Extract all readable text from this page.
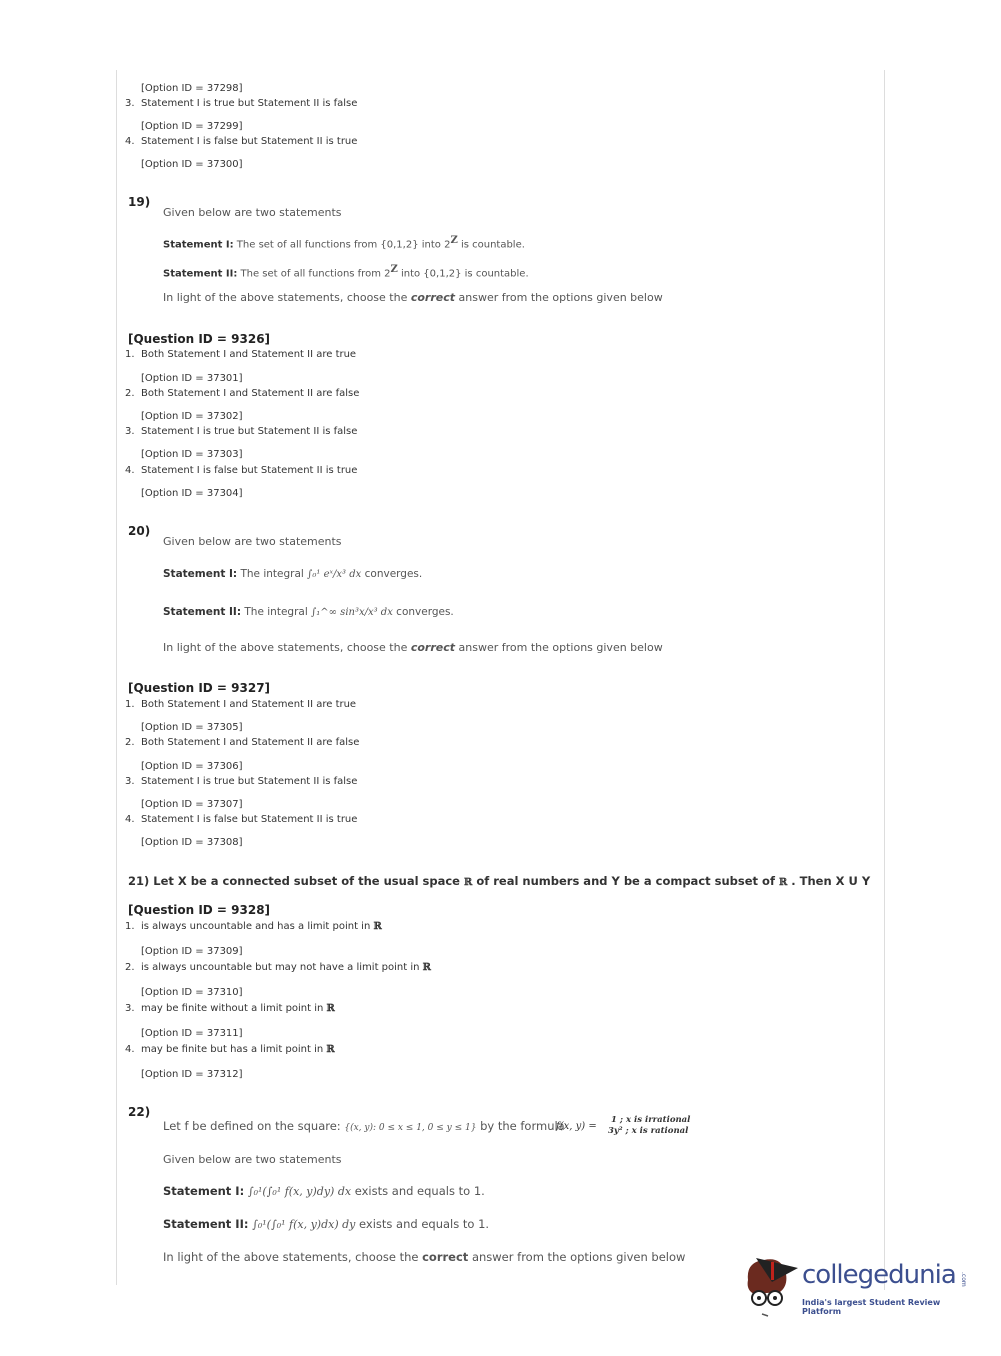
[Option ID = 37298]
3. Statement I is true but Statement II is false
[Option ID = 37299]
4. Statement I is false but Statement II is true
[Option ID = 37300]
19)
Given below are two statements
Statement I: The set of all functions from {0,1,2} into $2^Z$ is countable.
Statement II: The set of all functions from $2^Z$ into {0,1,2} is countable.
In light of the above statements, choose the correct answer from the options given below
[Question ID = 9326]
1. Both Statement I and Statement II are true
[Option ID = 37301]
2. Both Statement I and Statement II are false
[Option ID = 37302]
3. Statement I is true but Statement II is false
[Option ID = 37303]
4. Statement I is false but Statement II is true
[Option ID = 37304]
20)
Given below are two statements
Statement I: The integral ∫₀¹ eˣ/x³ dx converges.
Statement II: The integral ∫₁^∞ sin³x/x³ dx converges.
In light of the above statements, choose the correct answer from the options given below
[Question ID = 9327]
1. Both Statement I and Statement II are true
[Option ID = 37305]
2. Both Statement I and Statement II are false
[Option ID = 37306]
3. Statement I is true but Statement II is false
[Option ID = 37307]
4. Statement I is false but Statement II is true
[Option ID = 37308]
21) Let X be a connected subset of the usual space ℝ of real numbers and Y be a compact subset of ℝ . Then X U Y
[Question ID = 9328]
1. is always uncountable and has a limit point in ℝ
[Option ID = 37309]
2. is always uncountable but may not have a limit point in ℝ
[Option ID = 37310]
3. may be finite without a limit point in ℝ
[Option ID = 37311]
4. may be finite but has a limit point in ℝ
[Option ID = 37312]
22)
Let f be defined on the square: {(x, y): 0 ≤ x ≤ 1, 0 ≤ y ≤ 1} by the formula
f(x, y) =
1 ; x is irrational
3y² ; x is rational
Given below are two statements
Statement I: ∫₀¹(∫₀¹ f(x, y)dy) dx exists and equals to 1.
Statement II: ∫₀¹(∫₀¹ f(x, y)dx) dy exists and equals to 1.
In light of the above statements, choose the correct answer from the options given below
collegedunia .com
India's largest Student Review Platform
